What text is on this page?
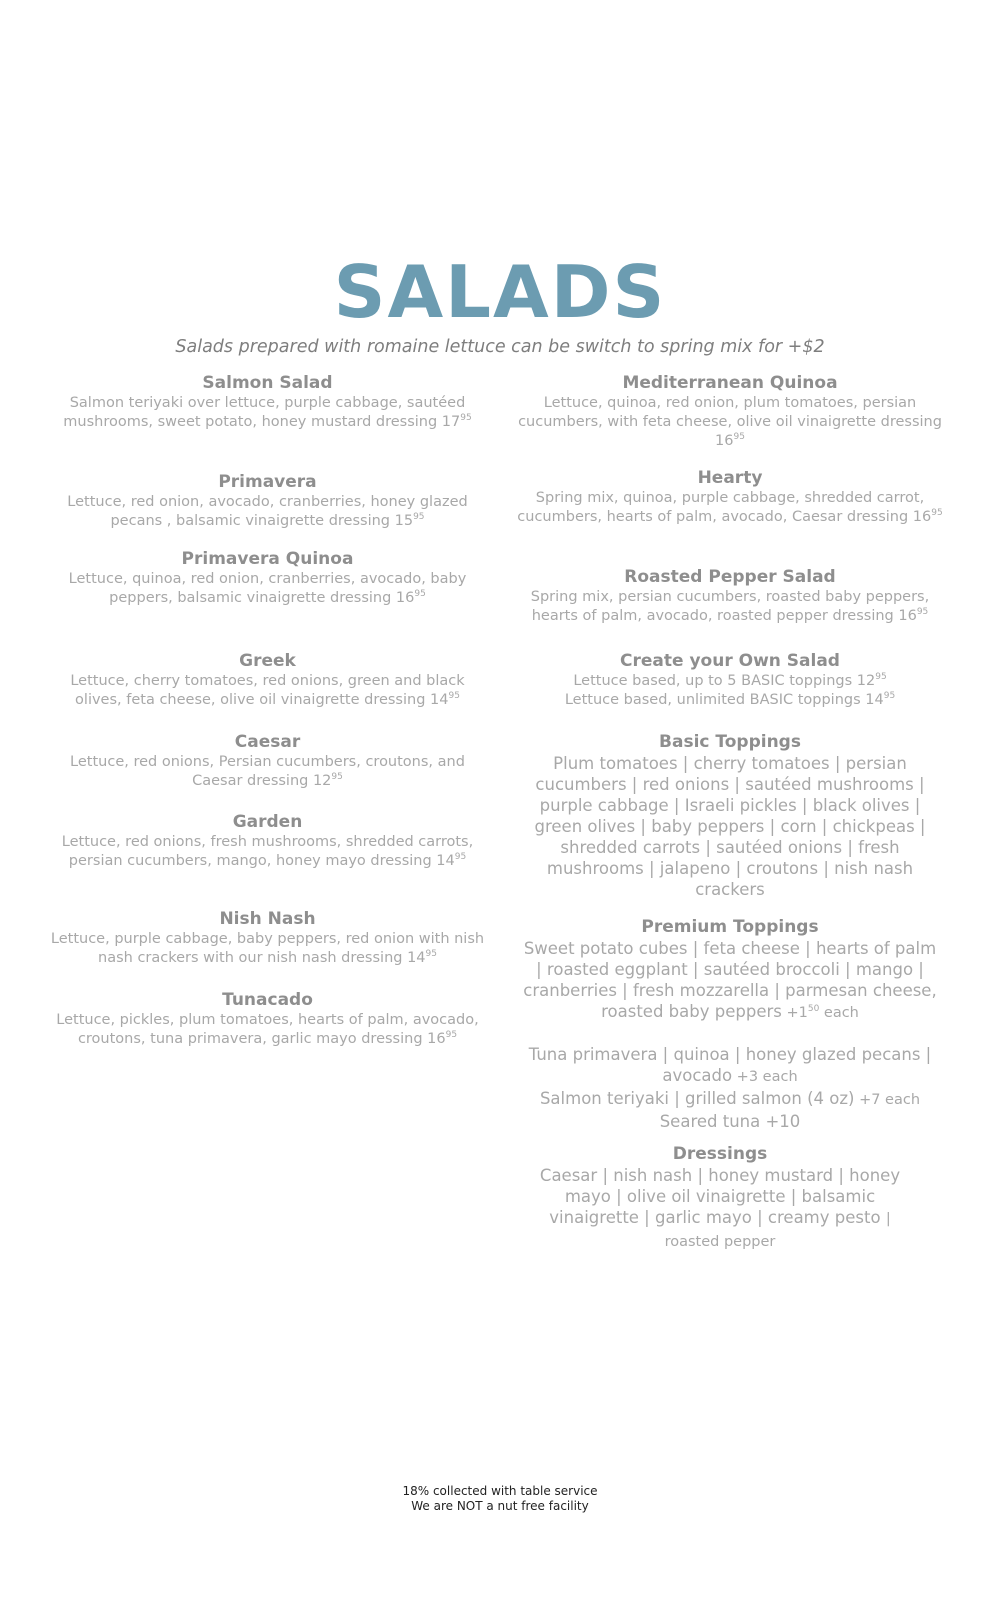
SALADS
Salads prepared with romaine lettuce can be switch to spring mix for +$2
Salmon Salad
Salmon teriyaki over lettuce, purple cabbage, sautéed mushrooms, sweet potato, honey mustard dressing $17^{95}$
Primavera
Lettuce, red onion, avocado, cranberries, honey glazed pecans , balsamic vinaigrette dressing $15^{95}$
Primavera Quinoa
Lettuce, quinoa, red onion, cranberries, avocado, baby peppers, balsamic vinaigrette dressing $16^{95}$
Greek
Lettuce, cherry tomatoes, red onions, green and black olives, feta cheese, olive oil vinaigrette dressing $14^{95}$
Caesar
Lettuce, red onions, Persian cucumbers, croutons, and Caesar dressing $12^{95}$
Garden
Lettuce, red onions, fresh mushrooms, shredded carrots, persian cucumbers, mango, honey mayo dressing $14^{95}$
Nish Nash
Lettuce, purple cabbage, baby peppers, red onion with nish nash crackers with our nish nash dressing $14^{95}$
Tunacado
Lettuce, pickles, plum tomatoes, hearts of palm, avocado, croutons, tuna primavera, garlic mayo dressing $16^{95}$
Mediterranean Quinoa
Lettuce, quinoa, red onion, plum tomatoes, persian cucumbers, with feta cheese, olive oil vinaigrette dressing $16^{95}$
Hearty
Spring mix, quinoa, purple cabbage, shredded carrot, cucumbers, hearts of palm, avocado, Caesar dressing $16^{95}$
Roasted Pepper Salad
Spring mix, persian cucumbers, roasted baby peppers, hearts of palm, avocado, roasted pepper dressing $16^{95}$
Create your Own Salad
Lettuce based, up to 5 BASIC toppings $12^{95}$
Lettuce based, unlimited BASIC toppings $14^{95}$
Basic Toppings
Plum tomatoes | cherry tomatoes | persian cucumbers | red onions | sautéed mushrooms | purple cabbage | Israeli pickles | black olives | green olives | baby peppers | corn | chickpeas | shredded carrots | sautéed onions | fresh mushrooms | jalapeno | croutons | nish nash crackers
Premium Toppings
Sweet potato cubes | feta cheese | hearts of palm | roasted eggplant | sautéed broccoli | mango | cranberries | fresh mozzarella | parmesan cheese, roasted baby peppers $+1^{50}$ each
Tuna primavera | quinoa | honey glazed pecans | avocado +3 each
Salmon teriyaki | grilled salmon (4 oz) +7 each
Seared tuna +10
Dressings
Caesar | nish nash | honey mustard | honey mayo | olive oil vinaigrette | balsamic vinaigrette | garlic mayo | creamy pesto | roasted pepper
18% collected with table service
We are NOT a nut free facility
